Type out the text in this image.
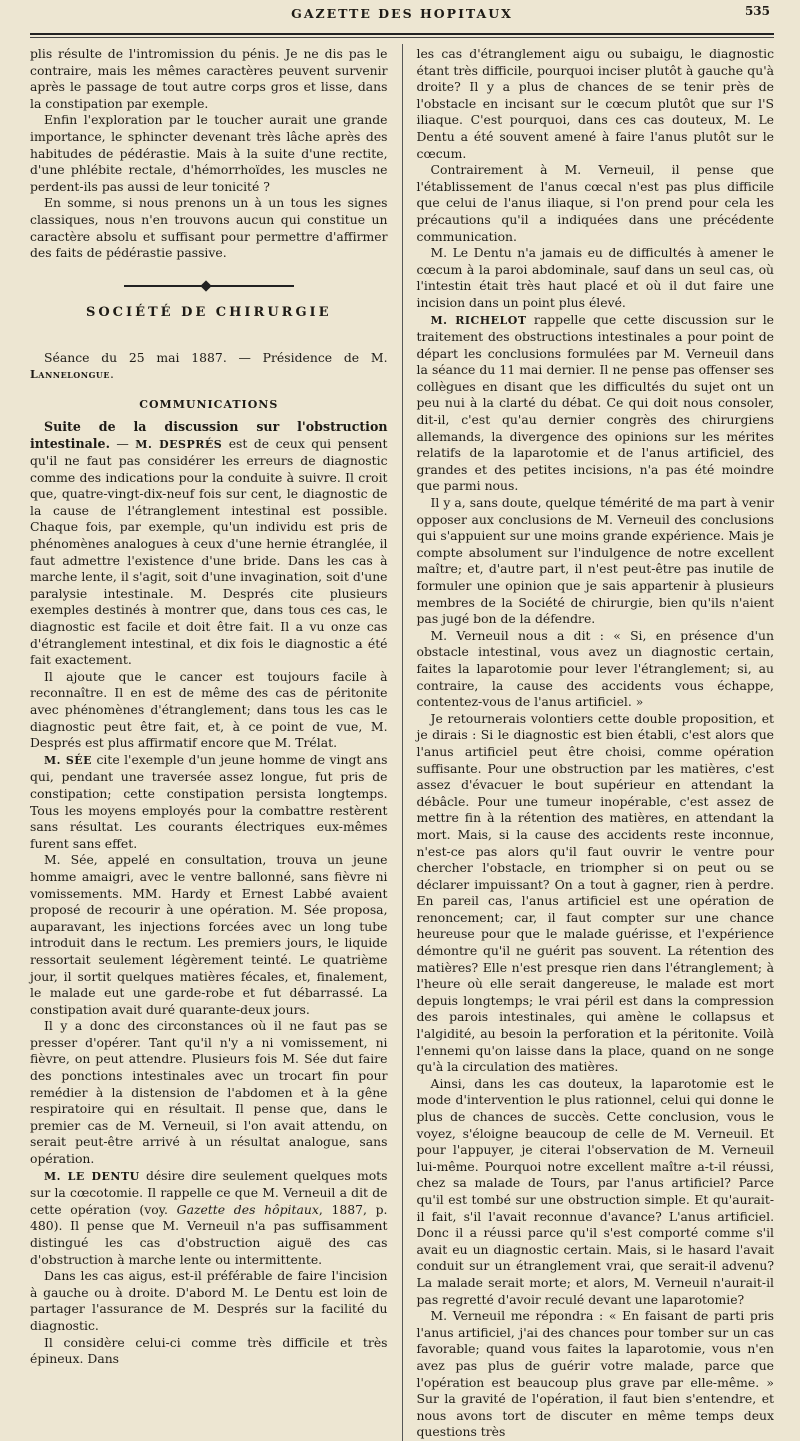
GAZETTE DES HOPITAUX	535

plis résulte de l'intromission du pénis. Je ne dis pas le contraire, mais les mêmes caractères peuvent survenir après le passage de tout autre corps gros et lisse, dans la constipation par exemple.

Enfin l'exploration par le toucher aurait une grande importance, le sphincter devenant très lâche après des habitudes de pédérastie. Mais à la suite d'une rectite, d'une phlébite rectale, d'hémorrhoïdes, les muscles ne perdent-ils pas aussi de leur tonicité ?

En somme, si nous prenons un à un tous les signes classiques, nous n'en trouvons aucun qui constitue un caractère absolu et suffisant pour permettre d'affirmer des faits de pédérastie passive.

SOCIÉTÉ DE CHIRURGIE

Séance du 25 mai 1887. — Présidence de M. Lannelongue.

COMMUNICATIONS

Suite de la discussion sur l'obstruction intestinale. — M. DESPRÉS est de ceux qui pensent qu'il ne faut pas considérer les erreurs de diagnostic comme des indications pour la conduite à suivre. Il croit que, quatre-vingt-dix-neuf fois sur cent, le diagnostic de la cause de l'étranglement intestinal est possible. Chaque fois, par exemple, qu'un individu est pris de phénomènes analogues à ceux d'une hernie étranglée, il faut admettre l'existence d'une bride. Dans les cas à marche lente, il s'agit, soit d'une invagination, soit d'une paralysie intestinale. M. Després cite plusieurs exemples destinés à montrer que, dans tous ces cas, le diagnostic est facile et doit être fait. Il a vu onze cas d'étranglement intestinal, et dix fois le diagnostic a été fait exactement.

Il ajoute que le cancer est toujours facile à reconnaître. Il en est de même des cas de péritonite avec phénomènes d'étranglement; dans tous les cas le diagnostic peut être fait, et, à ce point de vue, M. Després est plus affirmatif encore que M. Trélat.

M. SÉE cite l'exemple d'un jeune homme de vingt ans qui, pendant une traversée assez longue, fut pris de constipation; cette constipation persista longtemps. Tous les moyens employés pour la combattre restèrent sans résultat. Les courants électriques eux-mêmes furent sans effet.

M. Sée, appelé en consultation, trouva un jeune homme amaigri, avec le ventre ballonné, sans fièvre ni vomissements. MM. Hardy et Ernest Labbé avaient proposé de recourir à une opération. M. Sée proposa, auparavant, les injections forcées avec un long tube introduit dans le rectum. Les premiers jours, le liquide ressortait seulement légèrement teinté. Le quatrième jour, il sortit quelques matières fécales, et, finalement, le malade eut une garde-robe et fut débarrassé. La constipation avait duré quarante-deux jours.

Il y a donc des circonstances où il ne faut pas se presser d'opérer. Tant qu'il n'y a ni vomissement, ni fièvre, on peut attendre. Plusieurs fois M. Sée dut faire des ponctions intestinales avec un trocart fin pour remédier à la distension de l'abdomen et à la gêne respiratoire qui en résultait. Il pense que, dans le premier cas de M. Verneuil, si l'on avait attendu, on serait peut-être arrivé à un résultat analogue, sans opération.

M. LE DENTU désire dire seulement quelques mots sur la cœcotomie. Il rappelle ce que M. Verneuil a dit de cette opération (voy. Gazette des hôpitaux, 1887, p. 480). Il pense que M. Verneuil n'a pas suffisamment distingué les cas d'obstruction aiguë des cas d'obstruction à marche lente ou intermittente.

Dans les cas aigus, est-il préférable de faire l'incision à gauche ou à droite. D'abord M. Le Dentu est loin de partager l'assurance de M. Després sur la facilité du diagnostic.

Il considère celui-ci comme très difficile et très épineux. Dans

les cas d'étranglement aigu ou subaigu, le diagnostic étant très difficile, pourquoi inciser plutôt à gauche qu'à droite? Il y a plus de chances de se tenir près de l'obstacle en incisant sur le cœcum plutôt que sur l'S iliaque. C'est pourquoi, dans ces cas douteux, M. Le Dentu a été souvent amené à faire l'anus plutôt sur le cœcum.

Contrairement à M. Verneuil, il pense que l'établissement de l'anus cœcal n'est pas plus difficile que celui de l'anus iliaque, si l'on prend pour cela les précautions qu'il a indiquées dans une précédente communication.

M. Le Dentu n'a jamais eu de difficultés à amener le cœcum à la paroi abdominale, sauf dans un seul cas, où l'intestin était très haut placé et où il dut faire une incision dans un point plus élevé.

M. RICHELOT rappelle que cette discussion sur le traitement des obstructions intestinales a pour point de départ les conclusions formulées par M. Verneuil dans la séance du 11 mai dernier. Il ne pense pas offenser ses collègues en disant que les difficultés du sujet ont un peu nui à la clarté du débat. Ce qui doit nous consoler, dit-il, c'est qu'au dernier congrès des chirurgiens allemands, la divergence des opinions sur les mérites relatifs de la laparotomie et de l'anus artificiel, des grandes et des petites incisions, n'a pas été moindre que parmi nous.

Il y a, sans doute, quelque témérité de ma part à venir opposer aux conclusions de M. Verneuil des conclusions qui s'appuient sur une moins grande expérience. Mais je compte absolument sur l'indulgence de notre excellent maître; et, d'autre part, il n'est peut-être pas inutile de formuler une opinion que je sais appartenir à plusieurs membres de la Société de chirurgie, bien qu'ils n'aient pas jugé bon de la défendre.

M. Verneuil nous a dit : « Si, en présence d'un obstacle intestinal, vous avez un diagnostic certain, faites la laparotomie pour lever l'étranglement; si, au contraire, la cause des accidents vous échappe, contentez-vous de l'anus artificiel. »

Je retournerais volontiers cette double proposition, et je dirais : Si le diagnostic est bien établi, c'est alors que l'anus artificiel peut être choisi, comme opération suffisante. Pour une obstruction par les matières, c'est assez d'évacuer le bout supérieur en attendant la débâcle. Pour une tumeur inopérable, c'est assez de mettre fin à la rétention des matières, en attendant la mort. Mais, si la cause des accidents reste inconnue, n'est-ce pas alors qu'il faut ouvrir le ventre pour chercher l'obstacle, en triompher si on peut ou se déclarer impuissant? On a tout à gagner, rien à perdre. En pareil cas, l'anus artificiel est une opération de renoncement; car, il faut compter sur une chance heureuse pour que le malade guérisse, et l'expérience démontre qu'il ne guérit pas souvent. La rétention des matières? Elle n'est presque rien dans l'étranglement; à l'heure où elle serait dangereuse, le malade est mort depuis longtemps; le vrai péril est dans la compression des parois intestinales, qui amène le collapsus et l'algidité, au besoin la perforation et la péritonite. Voilà l'ennemi qu'on laisse dans la place, quand on ne songe qu'à la circulation des matières.

Ainsi, dans les cas douteux, la laparotomie est le mode d'intervention le plus rationnel, celui qui donne le plus de chances de succès. Cette conclusion, vous le voyez, s'éloigne beaucoup de celle de M. Verneuil. Et pour l'appuyer, je citerai l'observation de M. Verneuil lui-même. Pourquoi notre excellent maître a-t-il réussi, chez sa malade de Tours, par l'anus artificiel? Parce qu'il est tombé sur une obstruction simple. Et qu'aurait-il fait, s'il l'avait reconnue d'avance? L'anus artificiel. Donc il a réussi parce qu'il s'est comporté comme s'il avait eu un diagnostic certain. Mais, si le hasard l'avait conduit sur un étranglement vrai, que serait-il advenu? La malade serait morte; et alors, M. Verneuil n'aurait-il pas regretté d'avoir reculé devant une laparotomie?

M. Verneuil me répondra : « En faisant de parti pris l'anus artificiel, j'ai des chances pour tomber sur un cas favorable; quand vous faites la laparotomie, vous n'en avez pas plus de guérir votre malade, parce que l'opération est beaucoup plus grave par elle-même. » Sur la gravité de l'opération, il faut bien s'entendre, et nous avons tort de discuter en même temps deux questions très
